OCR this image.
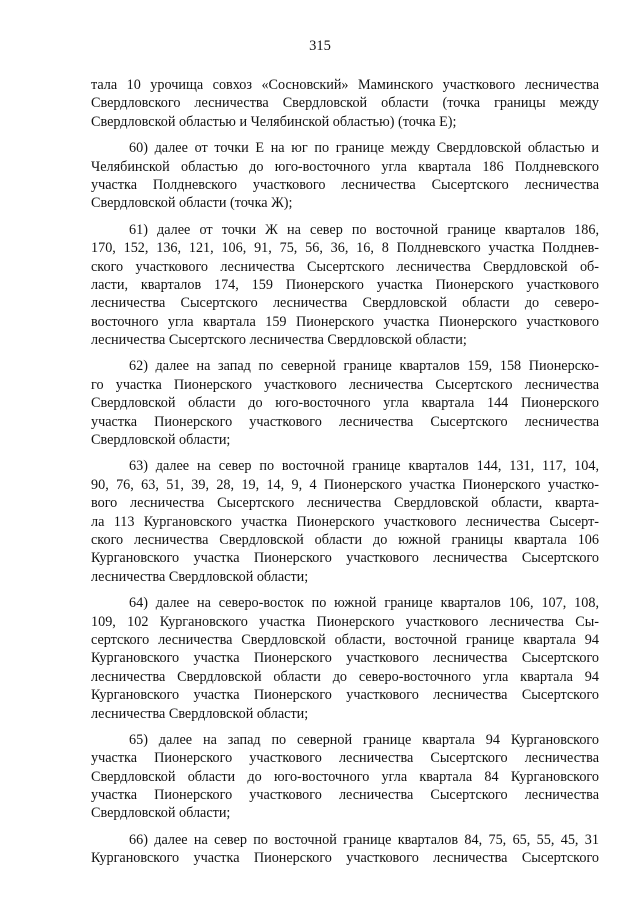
315
тала 10 урочища совхоз «Сосновский» Маминского участкового лесничества
Свердловского лесничества Свердловской области (точка границы между
Свердловской областью и Челябинской областью) (точка Е);
60) далее от точки Е на юг по границе между Свердловской областью и
Челябинской областью до юго-восточного угла квартала 186 Полдневского
участка Полдневского участкового лесничества Сысертского лесничества
Свердловской области (точка Ж);
61) далее от точки Ж на север по восточной границе кварталов 186,
170, 152, 136, 121, 106, 91, 75, 56, 36, 16, 8 Полдневского участка Полднев-
ского участкового лесничества Сысертского лесничества Свердловской об-
ласти, кварталов 174, 159 Пионерского участка Пионерского участкового
лесничества Сысертского лесничества Свердловской области до северо-
восточного угла квартала 159 Пионерского участка Пионерского участкового
лесничества Сысертского лесничества Свердловской области;
62) далее на запад по северной границе кварталов 159, 158 Пионерско-
го участка Пионерского участкового лесничества Сысертского лесничества
Свердловской области до юго-восточного угла квартала 144 Пионерского
участка Пионерского участкового лесничества Сысертского лесничества
Свердловской области;
63) далее на север по восточной границе кварталов 144, 131, 117, 104,
90, 76, 63, 51, 39, 28, 19, 14, 9, 4 Пионерского участка Пионерского участко-
вого лесничества Сысертского лесничества Свердловской области, кварта-
ла 113 Кургановского участка Пионерского участкового лесничества Сысерт-
ского лесничества Свердловской области до южной границы квартала 106
Кургановского участка Пионерского участкового лесничества Сысертского
лесничества Свердловской области;
64) далее на северо-восток по южной границе кварталов 106, 107, 108,
109, 102 Кургановского участка Пионерского участкового лесничества Сы-
сертского лесничества Свердловской области, восточной границе квартала 94
Кургановского участка Пионерского участкового лесничества Сысертского
лесничества Свердловской области до северо-восточного угла квартала 94
Кургановского участка Пионерского участкового лесничества Сысертского
лесничества Свердловской области;
65) далее на запад по северной границе квартала 94 Кургановского
участка Пионерского участкового лесничества Сысертского лесничества
Свердловской области до юго-восточного угла квартала 84 Кургановского
участка Пионерского участкового лесничества Сысертского лесничества
Свердловской области;
66) далее на север по восточной границе кварталов 84, 75, 65, 55, 45, 31
Кургановского участка Пионерского участкового лесничества Сысертского
